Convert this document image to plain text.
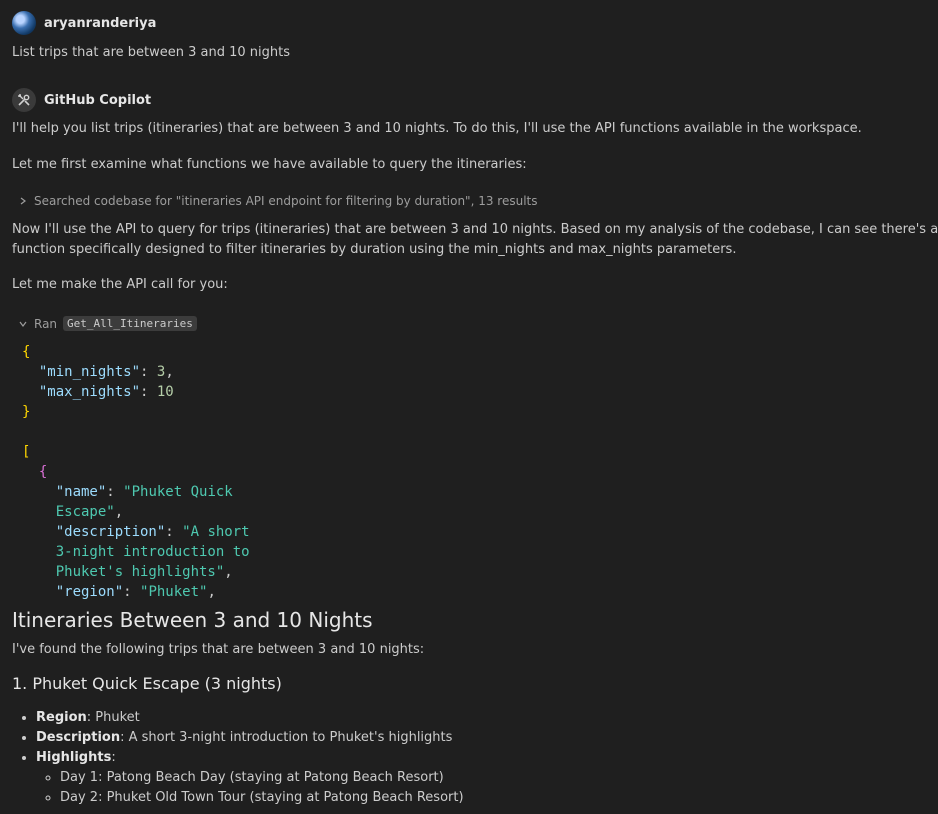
aryanranderiya
List trips that are between 3 and 10 nights
GitHub Copilot
I'll help you list trips (itineraries) that are between 3 and 10 nights. To do this, I'll use the API functions available in the workspace.
Let me first examine what functions we have available to query the itineraries:
Searched codebase for "itineraries API endpoint for filtering by duration", 13 results
Now I'll use the API to query for trips (itineraries) that are between 3 and 10 nights. Based on my analysis of the codebase, I can see there's a
function specifically designed to filter itineraries by duration using the min_nights and max_nights parameters.
Let me make the API call for you:
Ran Get_All_Itineraries
{
"min_nights": 3,
"max_nights": 10
}
[
{
"name": "Phuket Quick
Escape",
"description": "A short
3-night introduction to
Phuket's highlights",
"region": "Phuket",
Itineraries Between 3 and 10 Nights
I've found the following trips that are between 3 and 10 nights:
1. Phuket Quick Escape (3 nights)
• Region: Phuket
• Description: A short 3-night introduction to Phuket's highlights
• Highlights:
◦ Day 1: Patong Beach Day (staying at Patong Beach Resort)
◦ Day 2: Phuket Old Town Tour (staying at Patong Beach Resort)
